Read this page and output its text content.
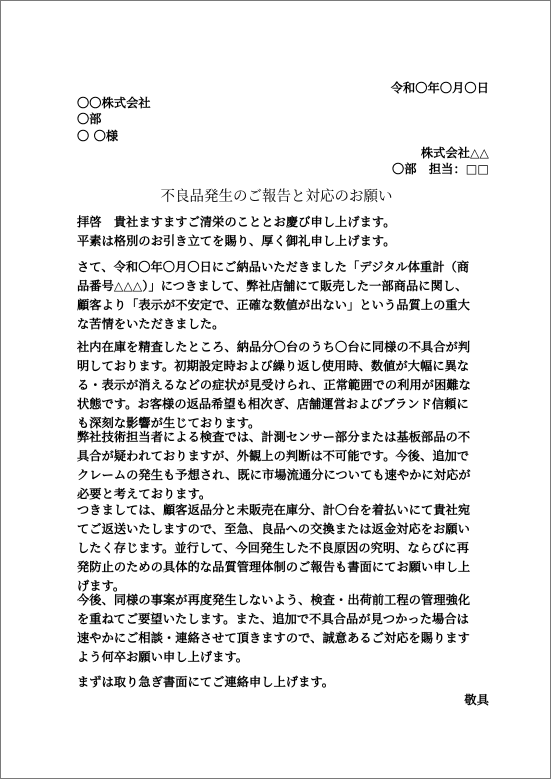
令和〇年〇月〇日
〇〇株式会社
〇部
〇 〇様
株式会社△△
〇部　担当：□□
不良品発生のご報告と対応のお願い
拝啓　貴社ますますご清栄のこととお慶び申し上げます。
平素は格別のお引き立てを賜り、厚く御礼申し上げます。
さて、令和〇年〇月〇日にご納品いただきました「デジタル体重計（商
品番号△△△）」につきまして、弊社店舗にて販売した一部商品に関し、
顧客より「表示が不安定で、正確な数値が出ない」という品質上の重大
な苦情をいただきました。
社内在庫を精査したところ、納品分〇台のうち〇台に同様の不具合が判
明しております。初期設定時および繰り返し使用時、数値が大幅に異な
る・表示が消えるなどの症状が見受けられ、正常範囲での利用が困難な
状態です。お客様の返品希望も相次ぎ、店舗運営およびブランド信頼に
も深刻な影響が生じております。
弊社技術担当者による検査では、計測センサー部分または基板部品の不
具合が疑われておりますが、外観上の判断は不可能です。今後、追加で
クレームの発生も予想され、既に市場流通分についても速やかに対応が
必要と考えております。
つきましては、顧客返品分と未販売在庫分、計〇台を着払いにて貴社宛
てご返送いたしますので、至急、良品への交換または返金対応をお願い
したく存じます。並行して、今回発生した不良原因の究明、ならびに再
発防止のための具体的な品質管理体制のご報告も書面にてお願い申し上
げます。
今後、同様の事案が再度発生しないよう、検査・出荷前工程の管理強化
を重ねてご要望いたします。また、追加で不具合品が見つかった場合は
速やかにご相談・連絡させて頂きますので、誠意あるご対応を賜ります
よう何卒お願い申し上げます。
まずは取り急ぎ書面にてご連絡申し上げます。
敬具
